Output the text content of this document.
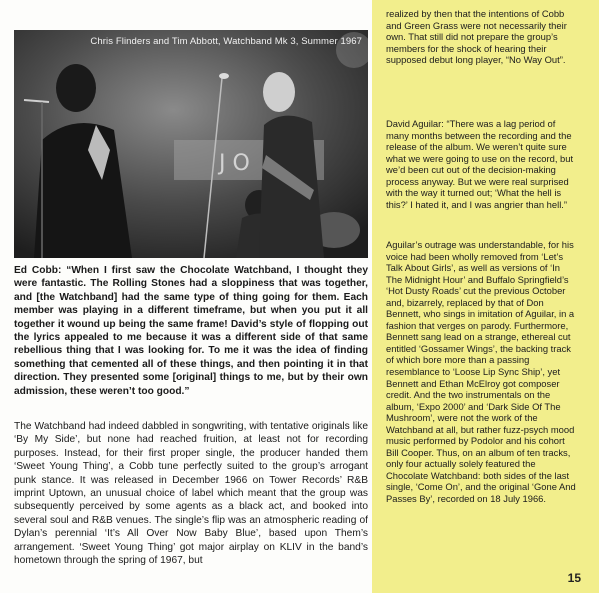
J O
Chris Flinders and Tim Abbott, Watchband Mk 3, Summer 1967

Ed Cobb: “When I first saw the Chocolate Watchband, I thought they were fantastic. The Rolling Stones had a sloppiness that was together, and [the Watchband] had the same type of thing going for them. Each member was playing in a different timeframe, but when you put it all together it wound up being the same frame! David’s style of flopping out the lyrics appealed to me because it was a different side of that same rebellious thing that I was looking for. To me it was the idea of finding something that cemented all of these things, and then pointing it in that direction. They presented some [original] things to me, but by their own admission, these weren’t too good.”

The Watchband had indeed dabbled in songwriting, with tentative originals like ‘By My Side’, but none had reached fruition, at least not for recording purposes. Instead, for their first proper single, the producer handed them ‘Sweet Young Thing’, a Cobb tune perfectly suited to the group’s arrogant punk stance. It was released in December 1966 on Tower Records’ R&B imprint Uptown, an unusual choice of label which meant that the group was subsequently perceived by some agents as a black act, and booked into several soul and R&B venues. The single’s flip was an atmospheric reading of Dylan’s perennial ‘It’s All Over Now Baby Blue’, based upon Them’s arrangement. ‘Sweet Young Thing’ got major airplay on KLIV in the band’s hometown through the spring of 1967, but

realized by then that the intentions of Cobb and Green Grass were not necessarily their own. That still did not prepare the group’s members for the shock of hearing their supposed debut long player, “No Way Out”.

David Aguilar: “There was a lag period of many months between the recording and the release of the album. We weren’t quite sure what we were going to use on the record, but we’d been cut out of the decision-making process anyway. But we were real surprised with the way it turned out; ‘What the hell is this?’ I hated it, and I was angrier than hell.”

Aguilar’s outrage was understandable, for his voice had been wholly removed from ‘Let’s Talk About Girls’, as well as versions of ‘In The Midnight Hour’ and Buffalo Springfield’s ‘Hot Dusty Roads’ cut the previous October and, bizarrely, replaced by that of Don Bennett, who sings in imitation of Aguilar, in a fashion that verges on parody. Furthermore, Bennett sang lead on a strange, ethereal cut entitled ‘Gossamer Wings’, the backing track of which bore more than a passing resemblance to ‘Loose Lip Sync Ship’, yet Bennett and Ethan McElroy got composer credit. And the two instrumentals on the album, ‘Expo 2000’ and ‘Dark Side Of The Mushroom’, were not the work of the Watchband at all, but rather fuzz-psych mood music performed by Podolor and his cohort Bill Cooper. Thus, on an album of ten tracks, only four actually solely featured the Chocolate Watchband: both sides of the last single, ‘Come On’, and the original ‘Gone And Passes By’, recorded on 18 July 1966.

15
